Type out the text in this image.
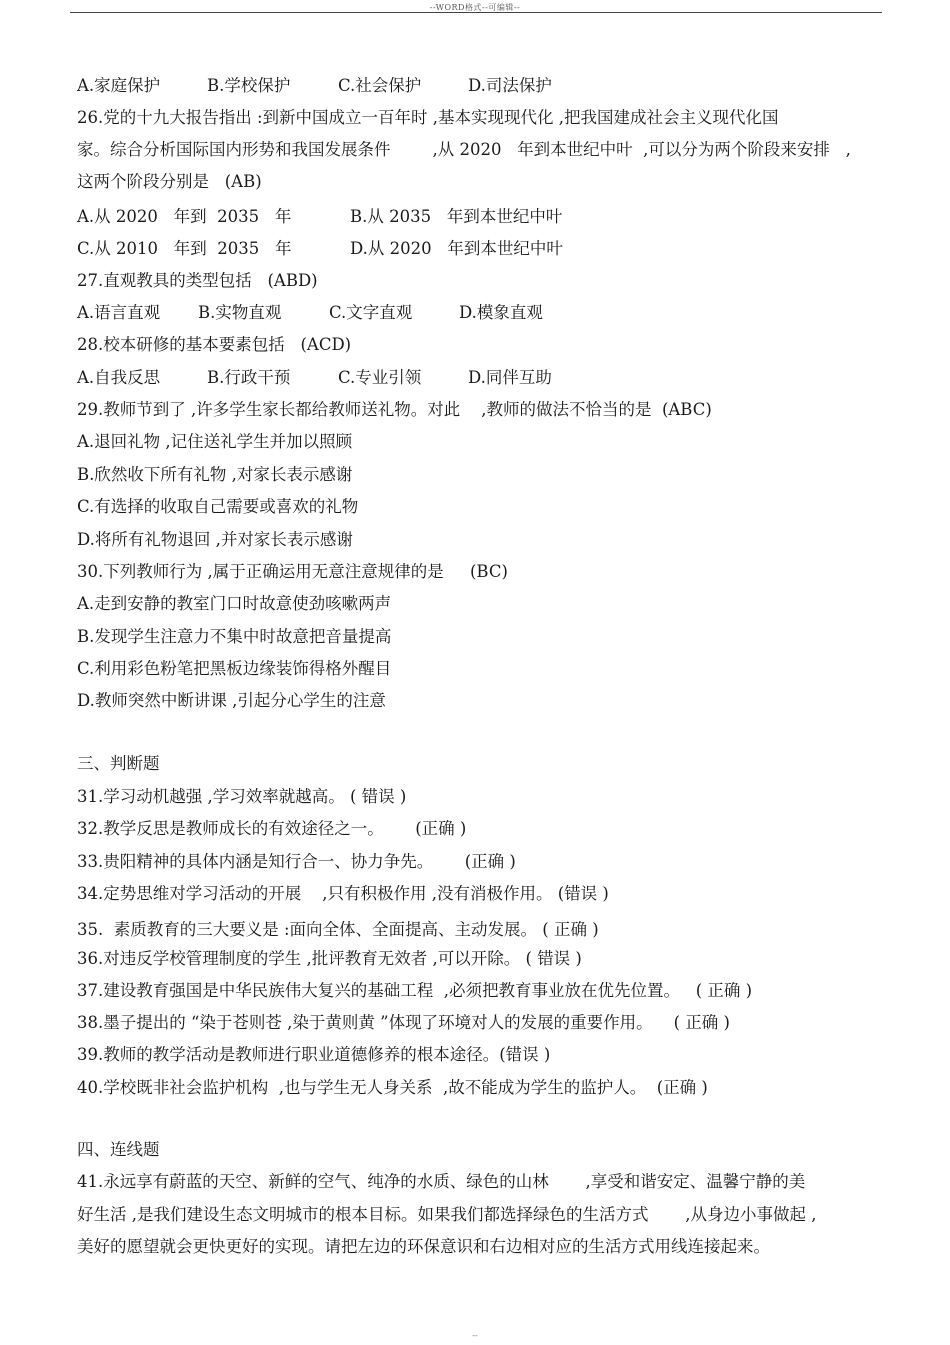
--WORD格式--可编辑--
A.家庭保护	B.学校保护	C.社会保护	D.司法保护
26.党的十九大报告指出 :到新中国成立一百年时 ,基本实现现代化 ,把我国建成社会主义现代化国
家。综合分析国际国内形势和我国发展条件        ,从 2020   年到本世纪中叶  ,可以分为两个阶段来安排   ,
这两个阶段分别是   (AB)
A.从 2020   年到  2035   年	B.从 2035   年到本世纪中叶
C.从 2010   年到  2035   年	D.从 2020   年到本世纪中叶
27.直观教具的类型包括   (ABD)
A.语言直观 B.实物直观	C.文字直观	D.模象直观
28.校本研修的基本要素包括   (ACD)
A.自我反思	B.行政干预	C.专业引领	D.同伴互助
29.教师节到了 ,许多学生家长都给教师送礼物。对此    ,教师的做法不恰当的是  (ABC)
A.退回礼物 ,记住送礼学生并加以照顾
B.欣然收下所有礼物 ,对家长表示感谢
C.有选择的收取自己需要或喜欢的礼物
D.将所有礼物退回 ,并对家长表示感谢
30.下列教师行为 ,属于正确运用无意注意规律的是     (BC)
A.走到安静的教室门口时故意使劲咳嗽两声
B.发现学生注意力不集中时故意把音量提高
C.利用彩色粉笔把黑板边缘装饰得格外醒目
D.教师突然中断讲课 ,引起分心学生的注意
三、判断题
31.学习动机越强 ,学习效率就越高。 ( 错误 )
32.教学反思是教师成长的有效途径之一。      (正确 )
33.贵阳精神的具体内涵是知行合一、协力争先。      (正确 )
34.定势思维对学习活动的开展    ,只有积极作用 ,没有消极作用。 (错误 )
35.  素质教育的三大要义是 :面向全体、全面提高、主动发展。 ( 正确 )
36.对违反学校管理制度的学生 ,批评教育无效者 ,可以开除。 ( 错误 )
37.建设教育强国是中华民族伟大复兴的基础工程  ,必须把教育事业放在优先位置。   ( 正确 )
38.墨子提出的 “染于苍则苍 ,染于黄则黄 ”体现了环境对人的发展的重要作用。    ( 正确 )
39.教师的教学活动是教师进行职业道德修养的根本途径。(错误 )
40.学校既非社会监护机构  ,也与学生无人身关系  ,故不能成为学生的监护人。  (正确 )
四、连线题
41.永远享有蔚蓝的天空、新鲜的空气、纯净的水质、绿色的山林       ,享受和谐安定、温馨宁静的美
好生活 ,是我们建设生态文明城市的根本目标。如果我们都选择绿色的生活方式       ,从身边小事做起 ,
美好的愿望就会更快更好的实现。请把左边的环保意识和右边相对应的生活方式用线连接起来。
--
